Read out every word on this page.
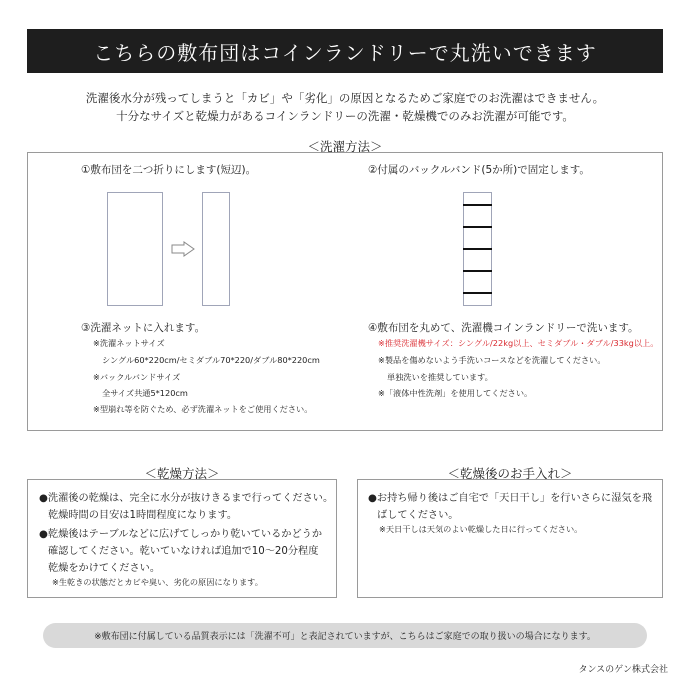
こちらの敷布団はコインランドリーで丸洗いできます
洗濯後水分が残ってしまうと「カビ」や「劣化」の原因となるためご家庭でのお洗濯はできません。
十分なサイズと乾燥力があるコインランドリーの洗濯・乾燥機でのみお洗濯が可能です。
＜洗濯方法＞
①敷布団を二つ折りにします(短辺)。	②付属のバックルバンド(5か所)で固定します。
③洗濯ネットに入れます。
※洗濯ネットサイズ
シングル60*220cm/セミダブル70*220/ダブル80*220cm
※バックルバンドサイズ
全サイズ共通5*120cm
※型崩れ等を防ぐため、必ず洗濯ネットをご使用ください。
④敷布団を丸めて、洗濯機コインランドリーで洗います。
※推奨洗濯機サイズ：シングル/22kg以上、セミダブル・ダブル/33kg以上。
※製品を傷めないよう手洗いコースなどを洗濯してください。
単独洗いを推奨しています。
※「液体中性洗剤」を使用してください。
＜乾燥方法＞
●洗濯後の乾燥は、完全に水分が抜けきるまで行ってください。
乾燥時間の目安は1時間程度になります。
●乾燥後はテーブルなどに広げてしっかり乾いているかどうか
確認してください。乾いていなければ追加で10～20分程度
乾燥をかけてください。
※生乾きの状態だとカビや臭い、劣化の原因になります。
＜乾燥後のお手入れ＞
●お持ち帰り後はご自宅で「天日干し」を行いさらに湿気を飛
ばしてください。
※天日干しは天気のよい乾燥した日に行ってください。
※敷布団に付属している品質表示には「洗濯不可」と表記されていますが、こちらはご家庭での取り扱いの場合になります。
タンスのゲン株式会社
